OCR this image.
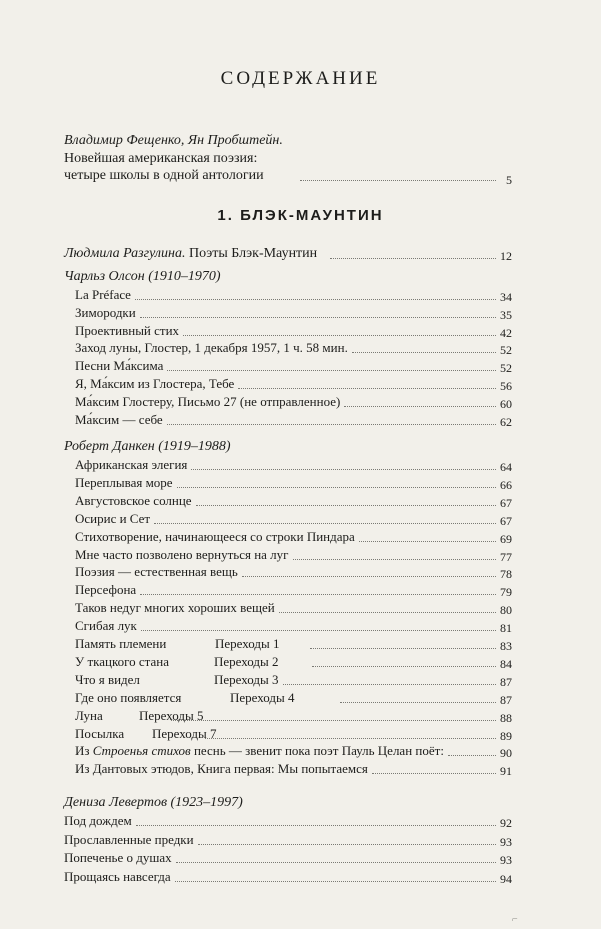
СОДЕРЖАНИЕ
Владимир Фещенко, Ян Пробштейн.
Новейшая американская поэзия:
четыре школы в одной антологии	5
1. БЛЭК-МАУНТИН
Людмила Разгулина. Поэты Блэк-Маунтин	12
Чарльз Олсон (1910–1970)
La Préface	34
Зимородки	35
Проективный стих	42
Заход луны, Глостер, 1 декабря 1957, 1 ч. 58 мин.	52
Песни Ма́ксима	52
Я, Ма́ксим из Глостера, Тебе	56
Ма́ксим Глостеру, Письмо 27 (не отправленное)	60
Ма́ксим — себе	62
Роберт Данкен (1919–1988)
Африканская элегия	64
Переплывая море	66
Августовское солнце	67
Осирис и Сет	67
Стихотворение, начинающееся со строки Пиндара	69
Мне часто позволено вернуться на луг	77
Поэзия — естественная вещь	78
Персефона	79
Таков недуг многих хороших вещей	80
Сгибая лук	81
Память племени	Переходы 1	83
У ткацкого стана	Переходы 2	84
Что я видел	Переходы 3	87
Где оно появляется	Переходы 4	87
Луна	Переходы 5	88
Посылка Переходы 7	89
Из Строенья стихов песнь — звенит пока поэт Пауль Целан поёт:	90
Из Дантовых этюдов, Книга первая: Мы попытаемся	91
Дениза Левертов (1923–1997)
Под дождем	92
Прославленные предки	93
Попеченье о душах	93
Прощаясь навсегда	94
⌐
